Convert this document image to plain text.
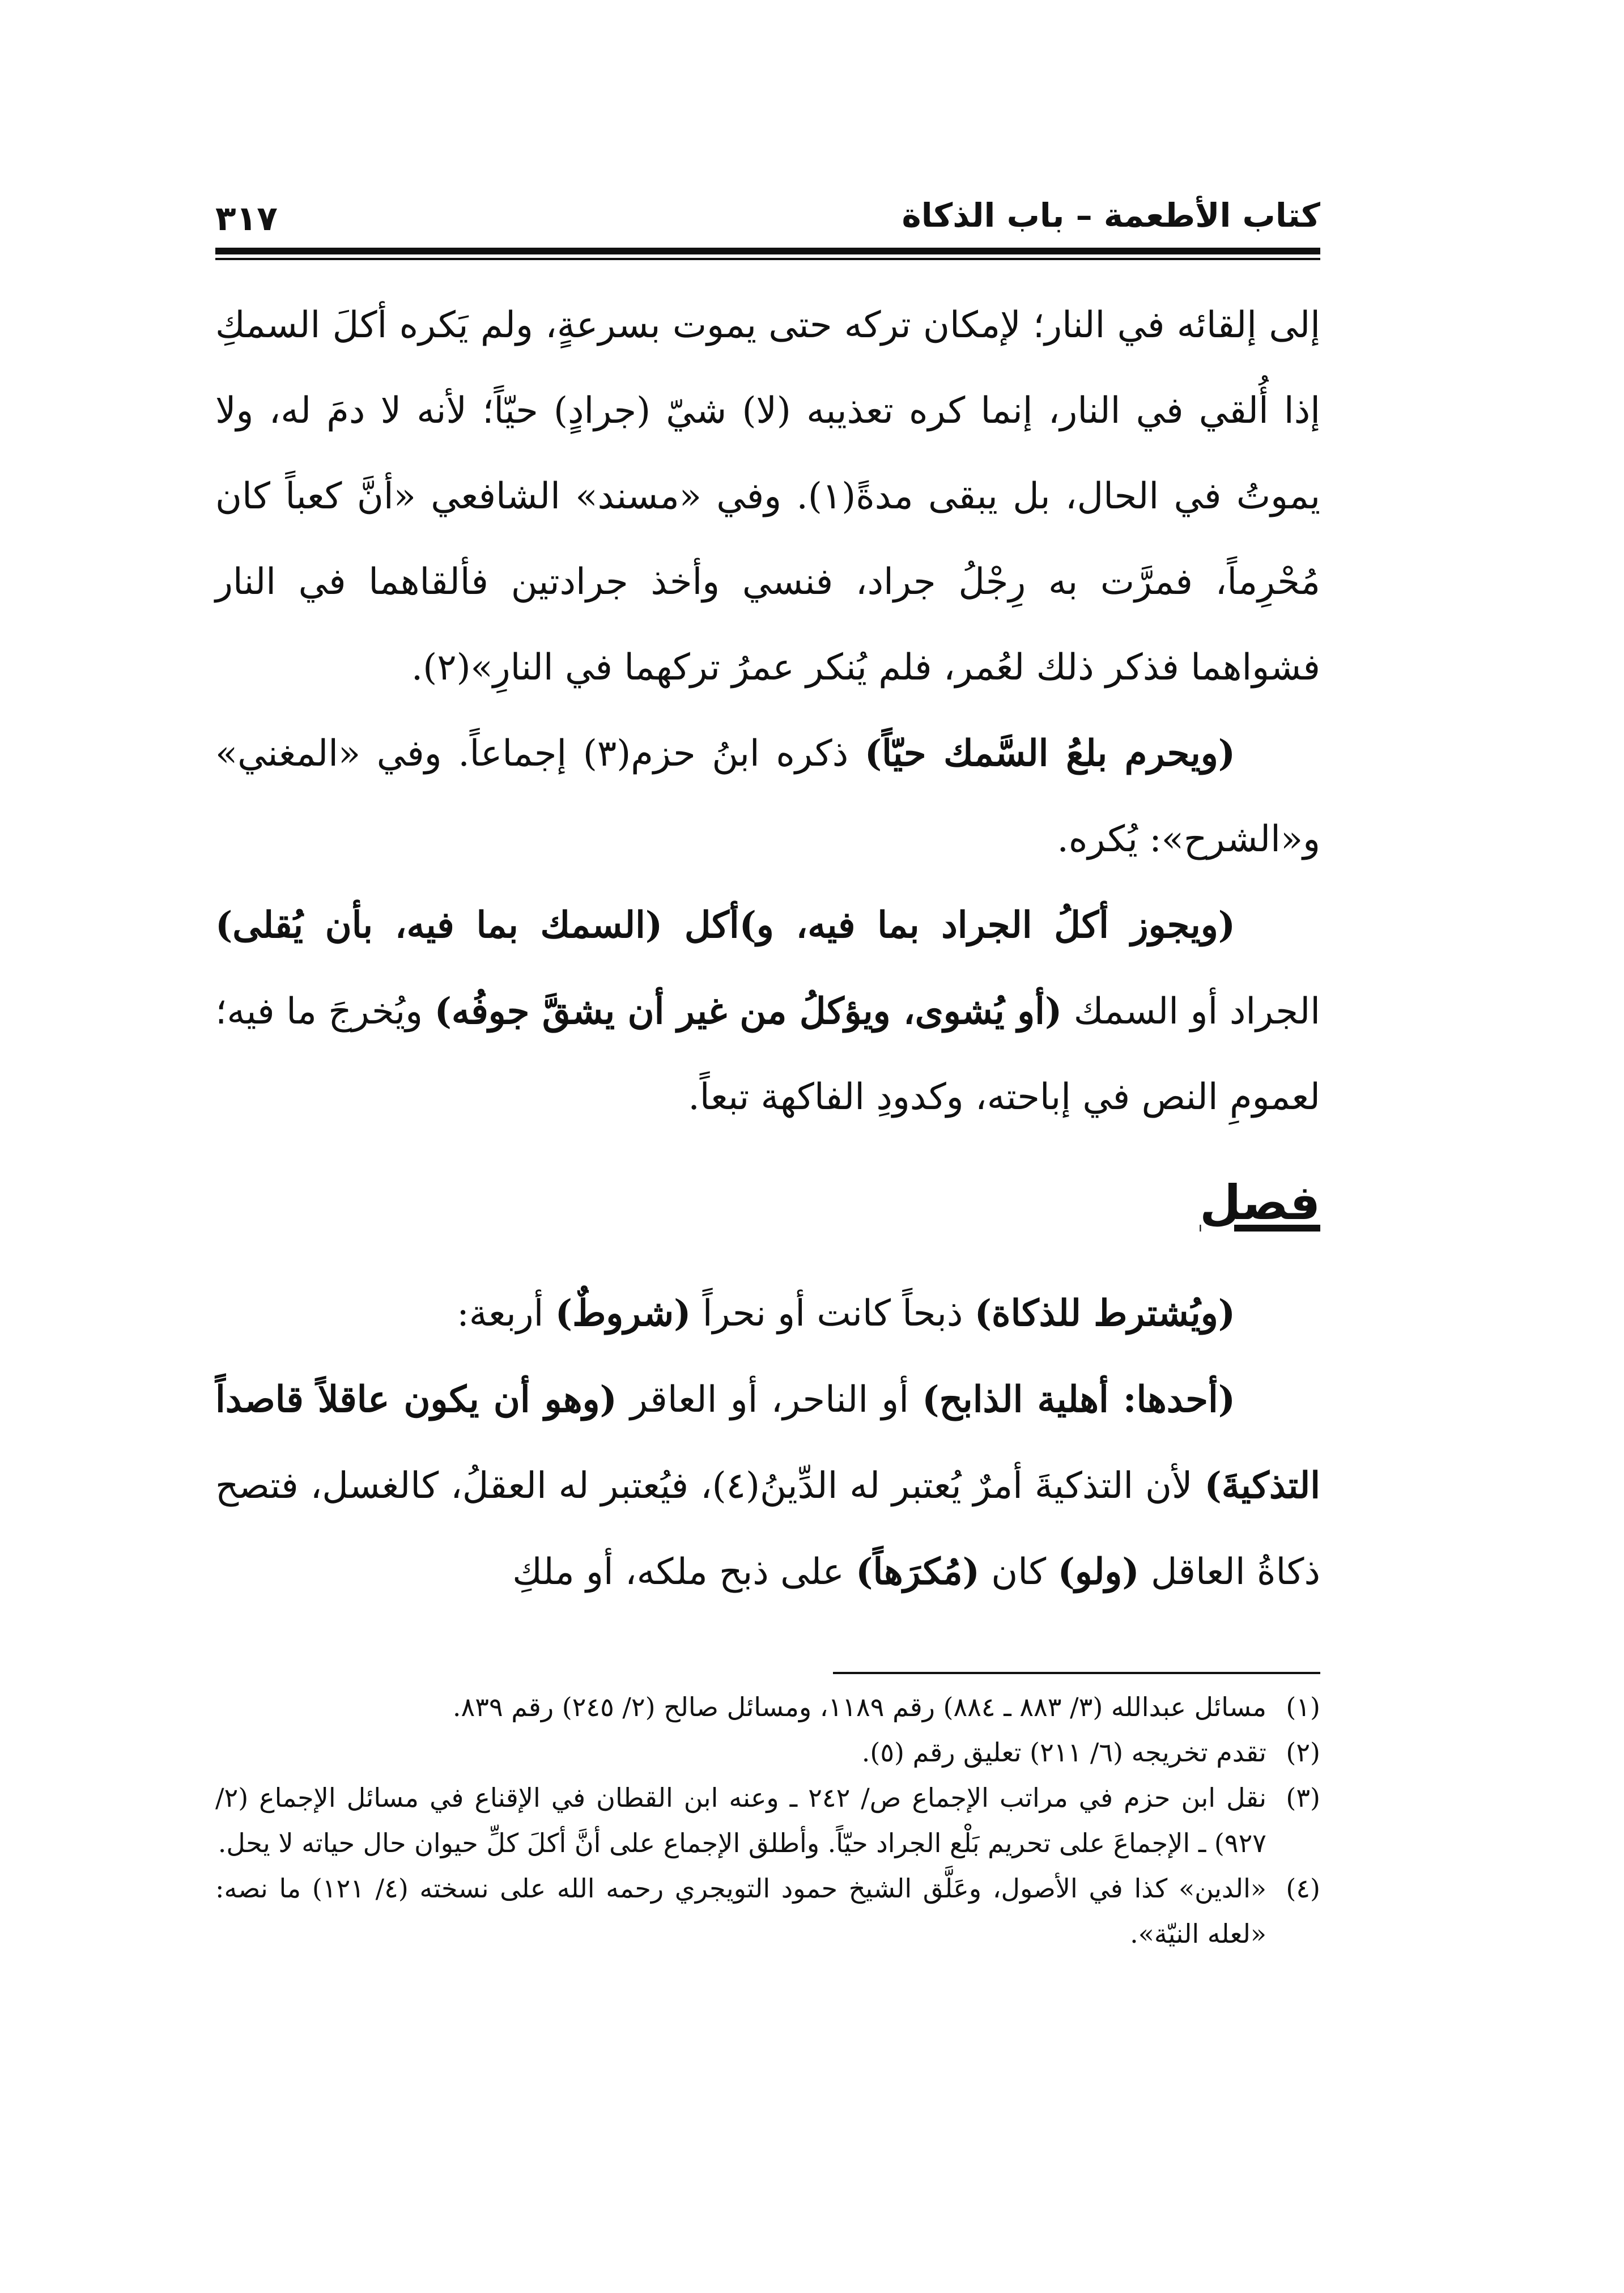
كتاب الأطعمة – باب الذكاة
٣١٧

إلى إلقائه في النار؛ لإمكان تركه حتى يموت بسرعةٍ، ولم يَكره أكلَ السمكِ إذا أُلقي في النار، إنما كره تعذيبه (لا) شيّ (جرادٍ) حيّاً؛ لأنه لا دمَ له، ولا يموتُ في الحال، بل يبقى مدةً(١). وفي «مسند» الشافعي «أنَّ كعباً كان مُحْرِماً، فمرَّت به رِجْلُ جراد، فنسي وأخذ جرادتين فألقاهما في النار فشواهما فذكر ذلك لعُمر، فلم يُنكر عمرُ تركهما في النارِ»(٢).

(ويحرم بلعُ السَّمك حيّاً) ذكره ابنُ حزم(٣) إجماعاً. وفي «المغني» و«الشرح»: يُكره.

(ويجوز أكلُ الجراد بما فيه، و)أكل (السمك بما فيه، بأن يُقلى) الجراد أو السمك (أو يُشوى، ويؤكلُ من غير أن يشقَّ جوفُه) ويُخرجَ ما فيه؛ لعمومِ النص في إباحته، وكدودِ الفاكهة تبعاً.

فصل

(ويُشترط للذكاة) ذبحاً كانت أو نحراً (شروطٌ) أربعة:

(أحدها: أهلية الذابح) أو الناحر، أو العاقر (وهو أن يكون عاقلاً قاصداً التذكيةَ) لأن التذكيةَ أمرٌ يُعتبر له الدِّينُ(٤)، فيُعتبر له العقلُ، كالغسل، فتصح ذكاةُ العاقل (ولو) كان (مُكرَهاً) على ذبح ملكه، أو ملكِ

(١)
مسائل عبدالله (٣/ ٨٨٣ ـ ٨٨٤) رقم ١١٨٩، ومسائل صالح (٢/ ٢٤٥) رقم ٨٣٩.
(٢)
تقدم تخريجه (٦/ ٢١١) تعليق رقم (٥).
(٣)
نقل ابن حزم في مراتب الإجماع ص/ ٢٤٢ ـ وعنه ابن القطان في الإقناع في مسائل الإجماع (٢/ ٩٢٧) ـ الإجماعَ على تحريم بَلْع الجراد حيّاً. وأطلق الإجماع على أنَّ أكلَ كلِّ حيوان حال حياته لا يحل.
(٤)
«الدين» كذا في الأصول، وعَلَّق الشيخ حمود التويجري رحمه الله على نسخته (٤/ ١٢١) ما نصه: «لعله النيّة».
